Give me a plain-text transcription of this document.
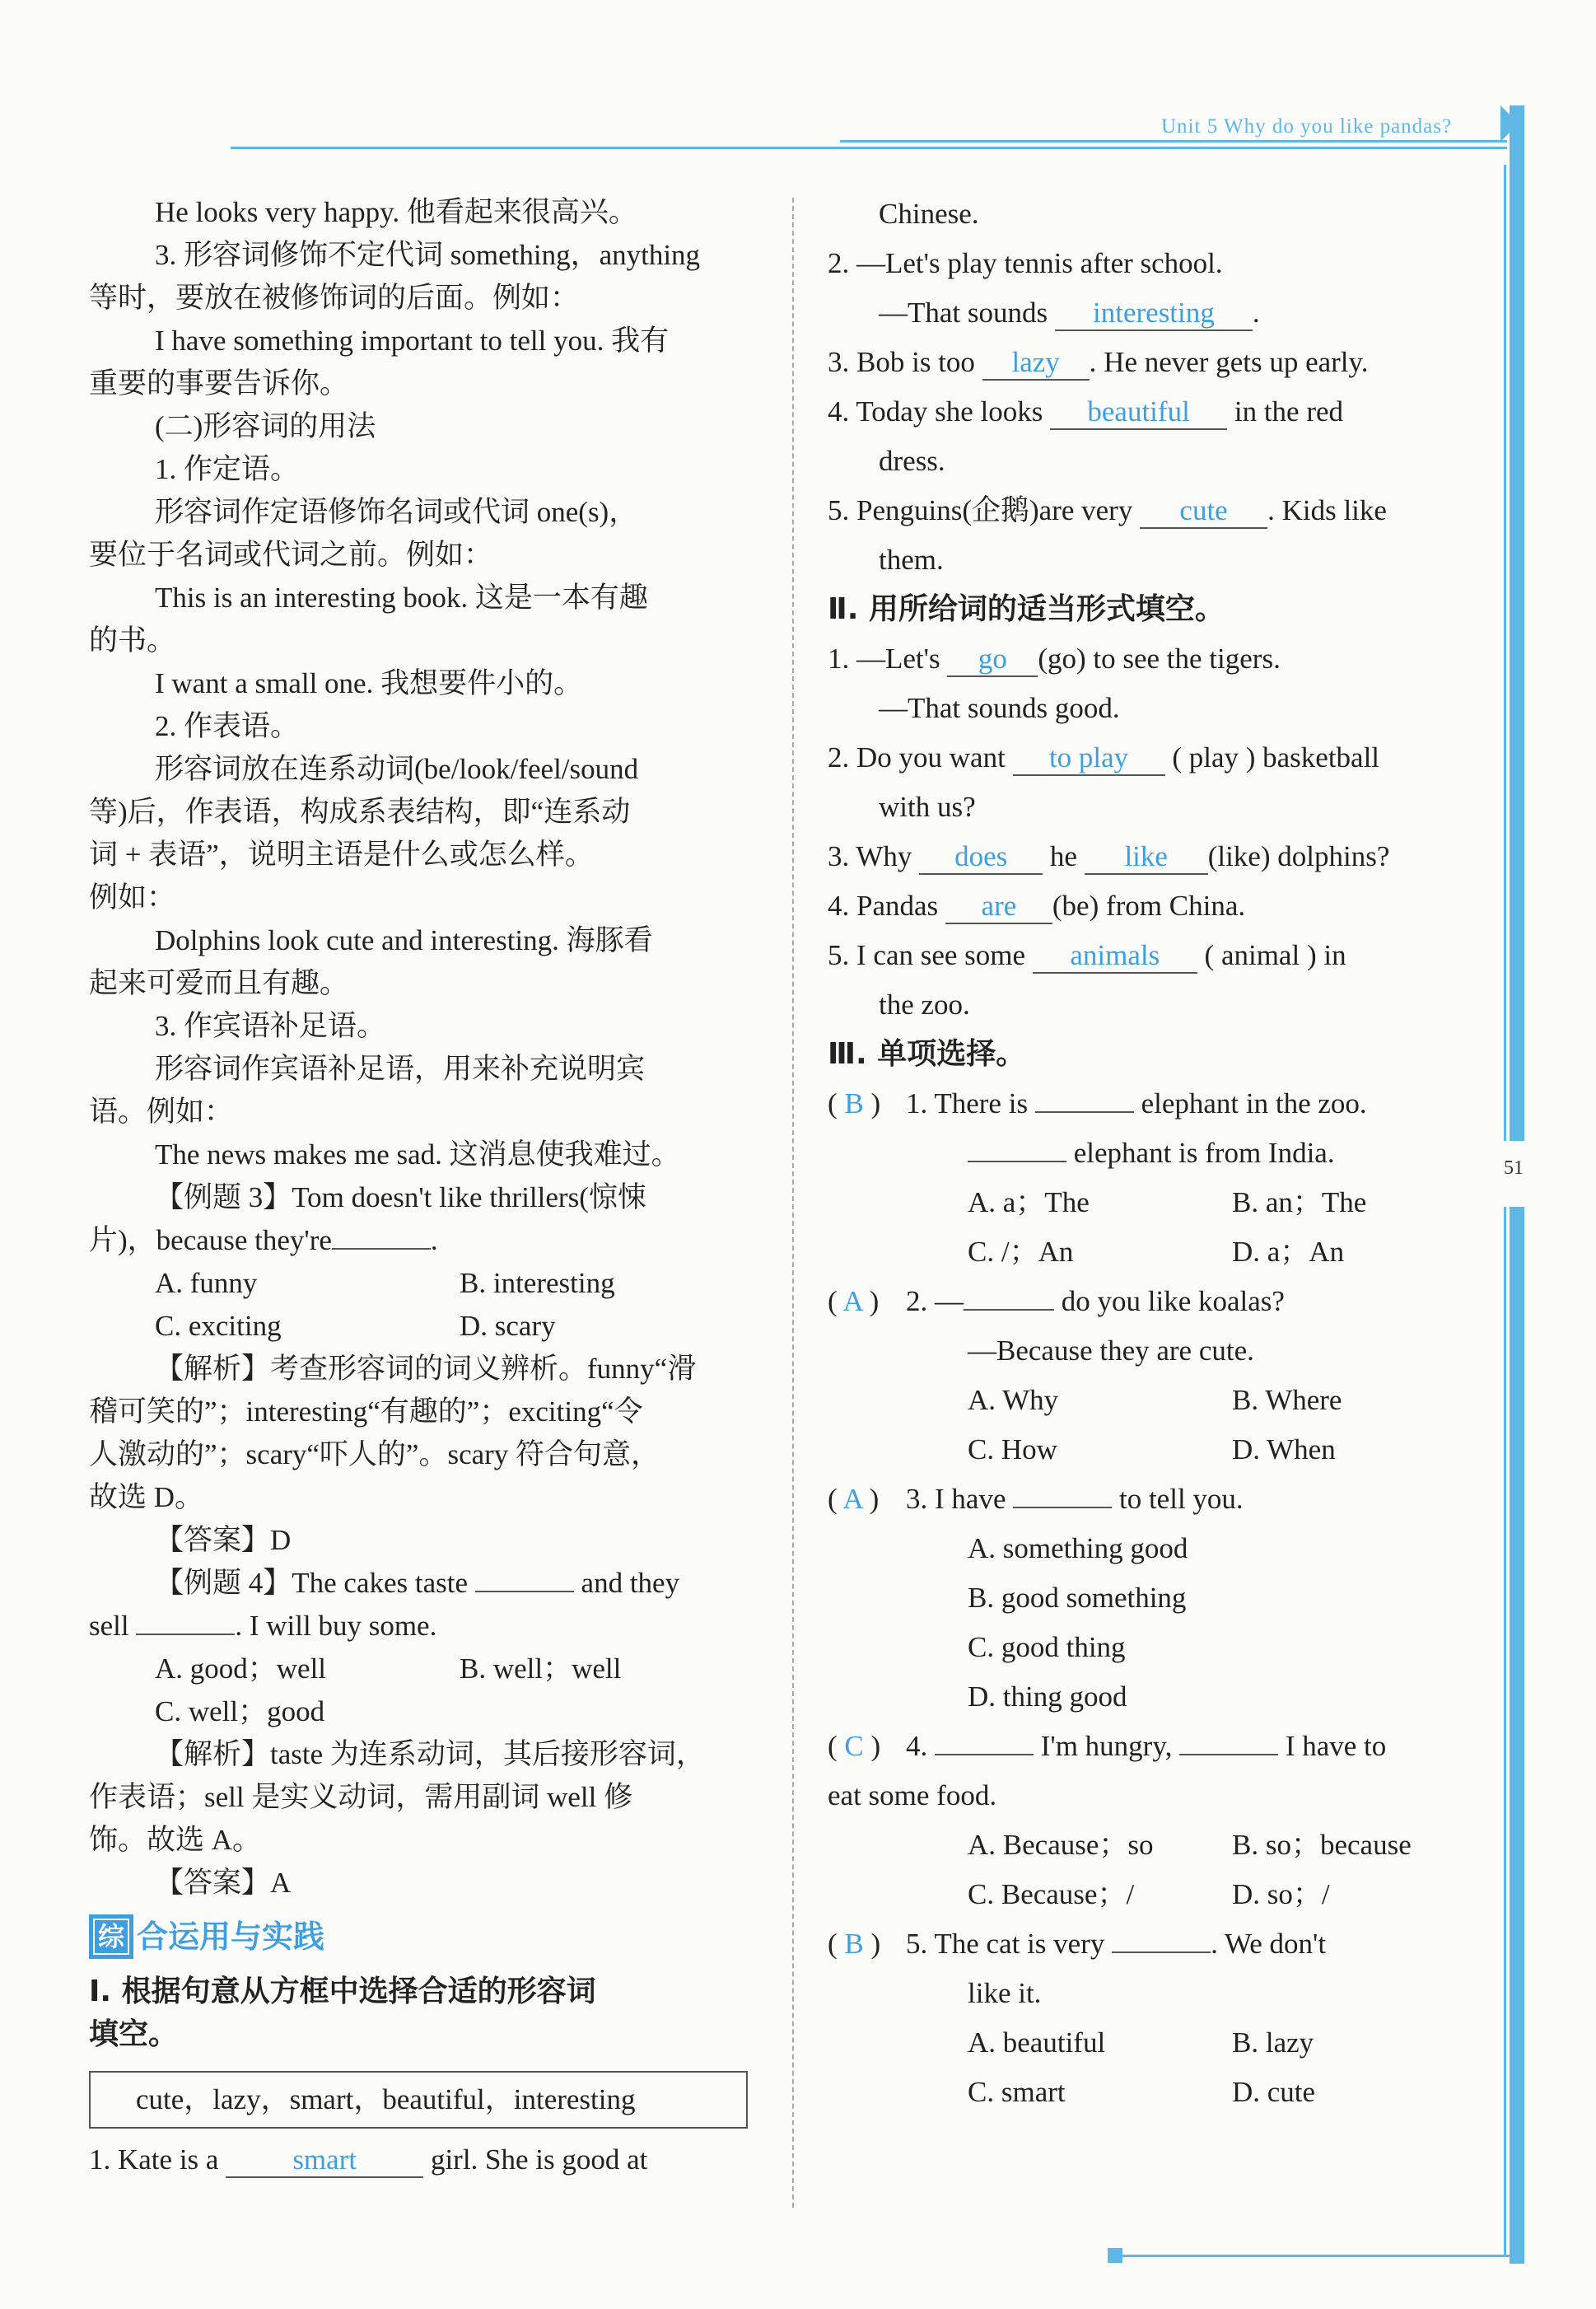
Unit 5 Why do you like pandas?
51

He looks very happy. 他看起来很高兴。

3. 形容词修饰不定代词 something，anything

等时，要放在被修饰词的后面。例如：

I have something important to tell you. 我有

重要的事要告诉你。

(二)形容词的用法

1. 作定语。

形容词作定语修饰名词或代词 one(s)，

要位于名词或代词之前。例如：

This is an interesting book. 这是一本有趣

的书。

I want a small one. 我想要件小的。

2. 作表语。

形容词放在连系动词(be/look/feel/sound

等)后，作表语，构成系表结构，即“连系动

词 + 表语”，说明主语是什么或怎么样。

例如：

Dolphins look cute and interesting. 海豚看

起来可爱而且有趣。

3. 作宾语补足语。

形容词作宾语补足语，用来补充说明宾

语。例如：

The news makes me sad. 这消息使我难过。

【例题 3】Tom doesn't like thrillers(惊悚

片)，because they're	.

A. funny	B. interesting
C. exciting	D. scary

【解析】考查形容词的词义辨析。funny“滑

稽可笑的”；interesting“有趣的”；exciting“令

人激动的”；scary“吓人的”。scary 符合句意，

故选 D。

【答案】D

【例题 4】The cakes taste	and they

sell	. I will buy some.

A. good；well	B. well；well
C. well；good

【解析】taste 为连系动词，其后接形容词，

作表语；sell 是实义动词，需用副词 well 修

饰。故选 A。

【答案】A

综 合运用与实践

Ⅰ. 根据句意从方框中选择合适的形容词

填空。

cute，lazy，smart，beautiful，interesting

1. Kate is a	smart	girl. She is good at

Chinese.

2. —Let's play tennis after school.

—That sounds interesting .

3. Bob is too lazy . He never gets up early.

4. Today she looks beautiful in the red

dress.

5. Penguins(企鹅)are very cute . Kids like

them.

Ⅱ. 用所给词的适当形式填空。

1. —Let's go (go) to see the tigers.

—That sounds good.

2. Do you want to play ( play ) basketball

with us?

3. Why does he like (like) dolphins?

4. Pandas are (be) from China.

5. I can see some animals ( animal ) in

the zoo.

Ⅲ. 单项选择。

( B ) 1. There is	elephant in the zoo.

elephant is from India.

A. a；The	B. an；The
C. /；An	D. a；An

( A ) 2. —	do you like koalas?

—Because they are cute.

A. Why	B. Where
C. How	D. When

( A ) 3. I have	to tell you.

A. something good

B. good something

C. good thing

D. thing good

( C ) 4.	I'm hungry,	I have to

eat some food.

A. Because；so	B. so；because
C. Because；/	D. so；/

( B ) 5. The cat is very	. We don't

like it.

A. beautiful	B. lazy
C. smart	D. cute
